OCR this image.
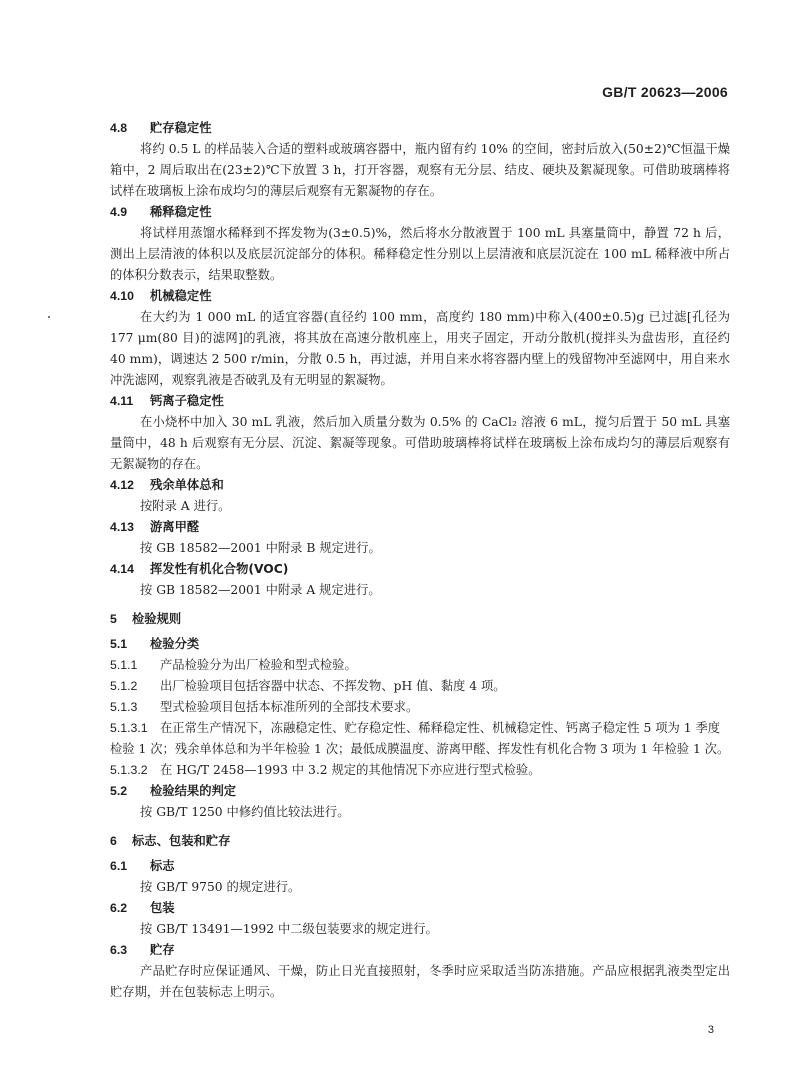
GB/T 20623—2006
4.8 贮存稳定性
将约 0.5 L 的样品装入合适的塑料或玻璃容器中，瓶内留有约 10% 的空间，密封后放入(50±2)℃恒温干燥箱中，2 周后取出在(23±2)℃下放置 3 h，打开容器，观察有无分层、结皮、硬块及絮凝现象。可借助玻璃棒将试样在玻璃板上涂布成均匀的薄层后观察有无絮凝物的存在。
4.9 稀释稳定性
将试样用蒸馏水稀释到不挥发物为(3±0.5)%，然后将水分散液置于 100 mL 具塞量筒中，静置 72 h 后，测出上层清液的体积以及底层沉淀部分的体积。稀释稳定性分别以上层清液和底层沉淀在 100 mL 稀释液中所占的体积分数表示，结果取整数。
4.10 机械稳定性
在大约为 1 000 mL 的适宜容器(直径约 100 mm，高度约 180 mm)中称入(400±0.5)g 已过滤[孔径为 177 μm(80 目)的滤网]的乳液，将其放在高速分散机座上，用夹子固定，开动分散机(搅拌头为盘齿形，直径约 40 mm)，调速达 2 500 r/min，分散 0.5 h，再过滤，并用自来水将容器内壁上的残留物冲至滤网中，用自来水冲洗滤网，观察乳液是否破乳及有无明显的絮凝物。
4.11 钙离子稳定性
在小烧杯中加入 30 mL 乳液，然后加入质量分数为 0.5% 的 CaCl₂ 溶液 6 mL，搅匀后置于 50 mL 具塞量筒中，48 h 后观察有无分层、沉淀、絮凝等现象。可借助玻璃棒将试样在玻璃板上涂布成均匀的薄层后观察有无絮凝物的存在。
4.12 残余单体总和
按附录 A 进行。
4.13 游离甲醛
按 GB 18582—2001 中附录 B 规定进行。
4.14 挥发性有机化合物(VOC)
按 GB 18582—2001 中附录 A 规定进行。
5 检验规则
5.1 检验分类
5.1.1 产品检验分为出厂检验和型式检验。
5.1.2 出厂检验项目包括容器中状态、不挥发物、pH 值、黏度 4 项。
5.1.3 型式检验项目包括本标准所列的全部技术要求。
5.1.3.1 在正常生产情况下，冻融稳定性、贮存稳定性、稀释稳定性、机械稳定性、钙离子稳定性 5 项为 1 季度检验 1 次；残余单体总和为半年检验 1 次；最低成膜温度、游离甲醛、挥发性有机化合物 3 项为 1 年检验 1 次。
5.1.3.2 在 HG/T 2458—1993 中 3.2 规定的其他情况下亦应进行型式检验。
5.2 检验结果的判定
按 GB/T 1250 中修约值比较法进行。
6 标志、包装和贮存
6.1 标志
按 GB/T 9750 的规定进行。
6.2 包装
按 GB/T 13491—1992 中二级包装要求的规定进行。
6.3 贮存
产品贮存时应保证通风、干燥，防止日光直接照射，冬季时应采取适当防冻措施。产品应根据乳液类型定出贮存期，并在包装标志上明示。
3
